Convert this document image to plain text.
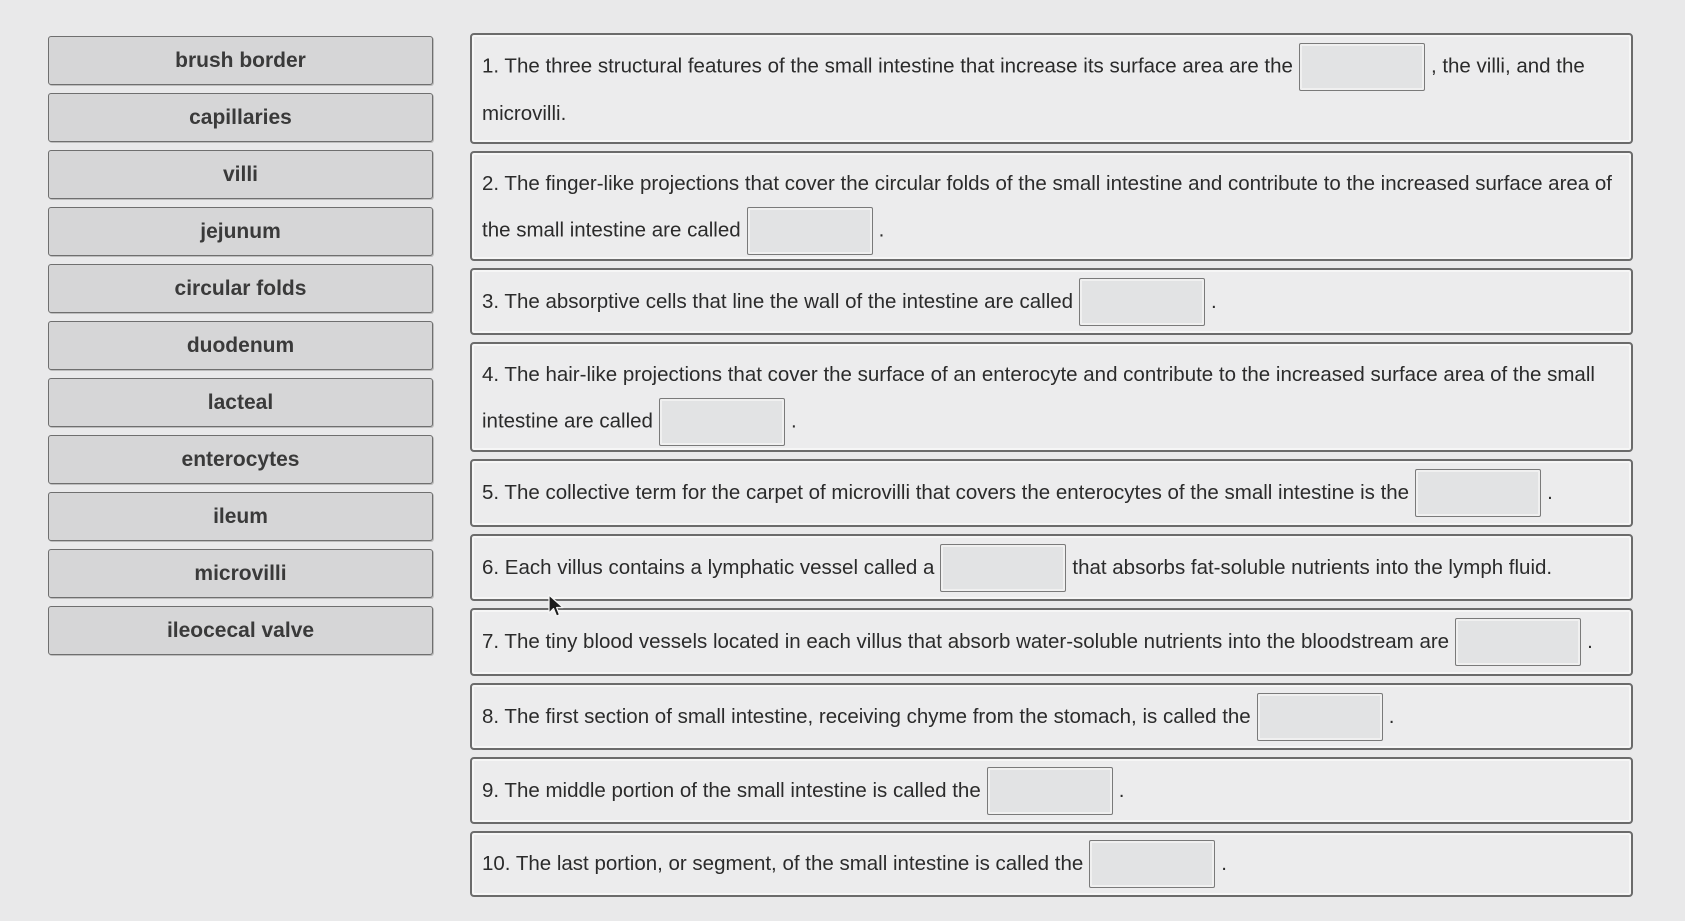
brush border
capillaries
villi
jejunum
circular folds
duodenum
lacteal
enterocytes
ileum
microvilli
ileocecal valve
1. The three structural features of the small intestine that increase its surface area are the	, the villi, and the microvilli.
2. The finger-like projections that cover the circular folds of the small intestine and contribute to the increased surface area of the small intestine are called	.
3. The absorptive cells that line the wall of the intestine are called	.
4. The hair-like projections that cover the surface of an enterocyte and contribute to the increased surface area of the small intestine are called	.
5. The collective term for the carpet of microvilli that covers the enterocytes of the small intestine is the	.
6. Each villus contains a lymphatic vessel called a	that absorbs fat-soluble nutrients into the lymph fluid.
7. The tiny blood vessels located in each villus that absorb water-soluble nutrients into the bloodstream are	.
8. The first section of small intestine, receiving chyme from the stomach, is called the	.
9. The middle portion of the small intestine is called the	.
10. The last portion, or segment, of the small intestine is called the	.
